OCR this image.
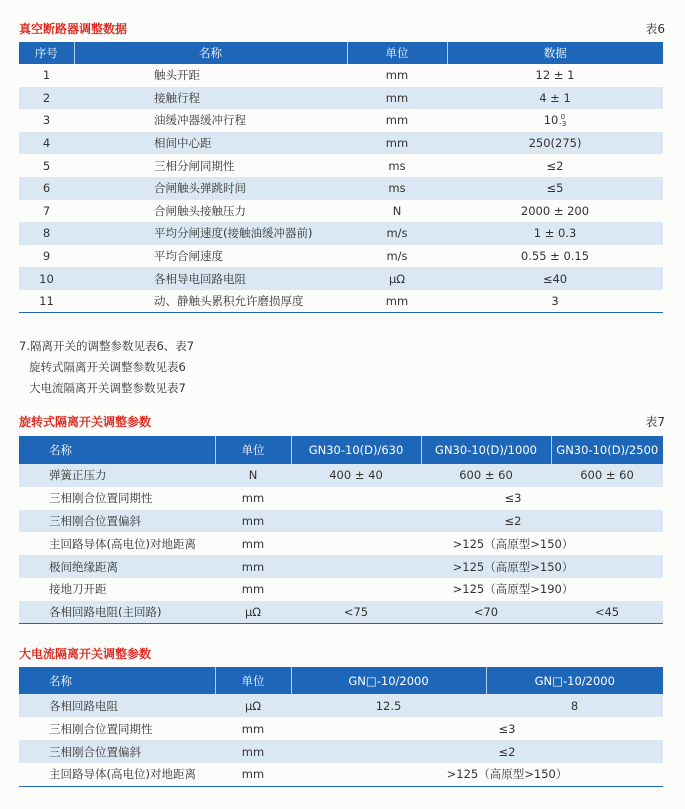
真空断路器调整数据	表6
序号	名称	单位	数据
1	触头开距	mm	12 ± 1
2	接触行程	mm	4 ± 1
3	油缓冲器缓冲行程	mm	10 0
-3

4	相间中心距	mm	250(275)
5	三相分闸同期性	ms	≤2
6	合闸触头弹跳时间	ms	≤5
7	合闸触头接触压力	N	2000 ± 200
8	平均分闸速度(接触油缓冲器前)	m/s	1 ± 0.3
9	平均合闸速度	m/s	0.55 ± 0.15
10	各相导电回路电阻	μΩ	≤40
11	动、静触头累积允许磨损厚度	mm	3
7.隔离开关的调整参数见表6、表7
旋转式隔离开关调整参数见表6
大电流隔离开关调整参数见表7
旋转式隔离开关调整参数	表7
名称	单位	GN30-10(D)/630	GN30-10(D)/1000	GN30-10(D)/2500
弹簧正压力	N	400 ± 40	600 ± 60	600 ± 60
三相刚合位置同期性	mm	≤3		
三相刚合位置偏斜	mm	≤2		
主回路导体(高电位)对地距离	mm	>125（高原型>150）		
极间绝缘距离	mm	>125（高原型>150）		
接地刀开距	mm	>125（高原型>190）		
各相回路电阻(主回路)	μΩ	<75	<70	<45
大电流隔离开关调整参数
名称	单位	GN□-10/2000	GN□-10/2000
各相回路电阻	μΩ	12.5	8
三相刚合位置同期性	mm	≤3	
三相刚合位置偏斜	mm	≤2	
主回路导体(高电位)对地距离	mm	>125（高原型>150）	
